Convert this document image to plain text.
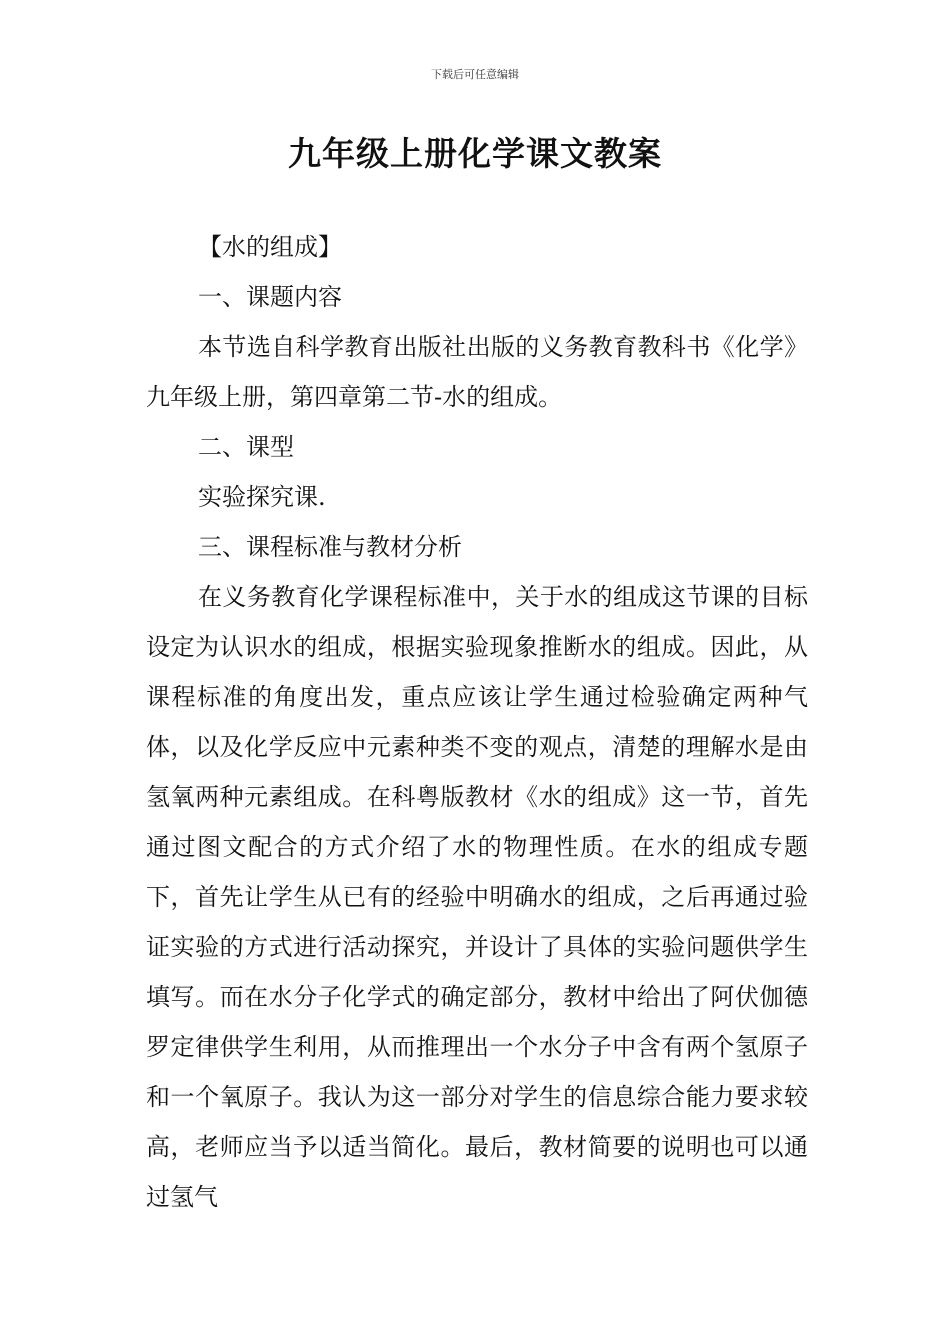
下载后可任意编辑
九年级上册化学课文教案

【水的组成】

一、课题内容

本节选自科学教育出版社出版的义务教育教科书《化学》九年级上册，第四章第二节-水的组成。

二、课型

实验探究课.

三、课程标准与教材分析

在义务教育化学课程标准中，关于水的组成这节课的目标设定为认识水的组成，根据实验现象推断水的组成。因此，从课程标准的角度出发，重点应该让学生通过检验确定两种气体，以及化学反应中元素种类不变的观点，清楚的理解水是由氢氧两种元素组成。在科粤版教材《水的组成》这一节，首先通过图文配合的方式介绍了水的物理性质。在水的组成专题下，首先让学生从已有的经验中明确水的组成，之后再通过验证实验的方式进行活动探究，并设计了具体的实验问题供学生填写。而在水分子化学式的确定部分，教材中给出了阿伏伽德罗定律供学生利用，从而推理出一个水分子中含有两个氢原子和一个氧原子。我认为这一部分对学生的信息综合能力要求较高，老师应当予以适当简化。最后，教材简要的说明也可以通过氢气
